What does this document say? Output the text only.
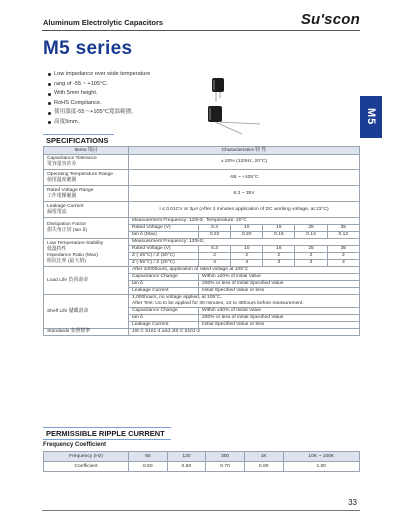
Aluminum Electrolytic Capacitors	Su'scon
M5 series
M5
Low impedance over wide temperature
rang of -55 ~ +105°C.
With 5mm height.
RoHS Compliance.
使用溫度-55～+105°C寬溫範圍。
高度5mm。
SPECIFICATIONS
Items 項目	Characteristics 特 性					
Capacitance Tolerance
電容量容許差	± 20% (120Hz, 20°C)					
Operating Temperature Range
使用溫度範圍	-55 ~ +105°C					
Rated Voltage Range
工作電壓範圍	6.3 ~ 35V					
Leakage Current
漏電電流	I ≤ 0.01CV or 3μA (After 2 minutes application of DC working voltage, at 23°C)					
Dissipation Factor
損失角正切 (tan δ)	Measurement Frequency: 120Hz, Temperature: 20°C					
	Rated Voltage (V)	6.3	10	16	25	35
	tan δ (Max)	0.22	0.20	0.16	0.14	0.12
Low Temperature Stability
低溫特性
Impedance Ratio (Max)
阻抗比率 (最大值)	Measurement Frequency: 120Hz,					
	Rated Voltage (V)	6.3	10	16	25	35
	Z (-25°C) / Z (20°C)	2	2	2	2	2
	Z (-55°C) / Z (20°C)	4	4	3	3	3
Load Life 負荷壽命	After 1000hours, application of rated voltage at 105°C					
	Capacitance Change	Within ±20% of initial Value				
	tan δ	200% or less of Initial Specified Value				
	Leakage Current	Initial Specified Value or less				
Shelf Life 儲藏壽命	1,000hours, no voltage applied, at 105°C.
After Test: Uo to be applied for 30 minutes, 24 to 48hours before measurement.					
	Capacitance Change	Within ±30% of Initial Value				
	tan δ	200% or less of Initial Specified Value				
	Leakage Current	Initial Specified Value or less				
Standards 参照標準	JIS C 5101-4 and JIS C 5101-2					
PERMISSIBLE RIPPLE CURRENT
Frequency Coefficient
Frequency (Hz)	60	120	300	1K	10K ~ 100K
Coefficient	0.50	0.60	0.70	0.90	1.00
33
